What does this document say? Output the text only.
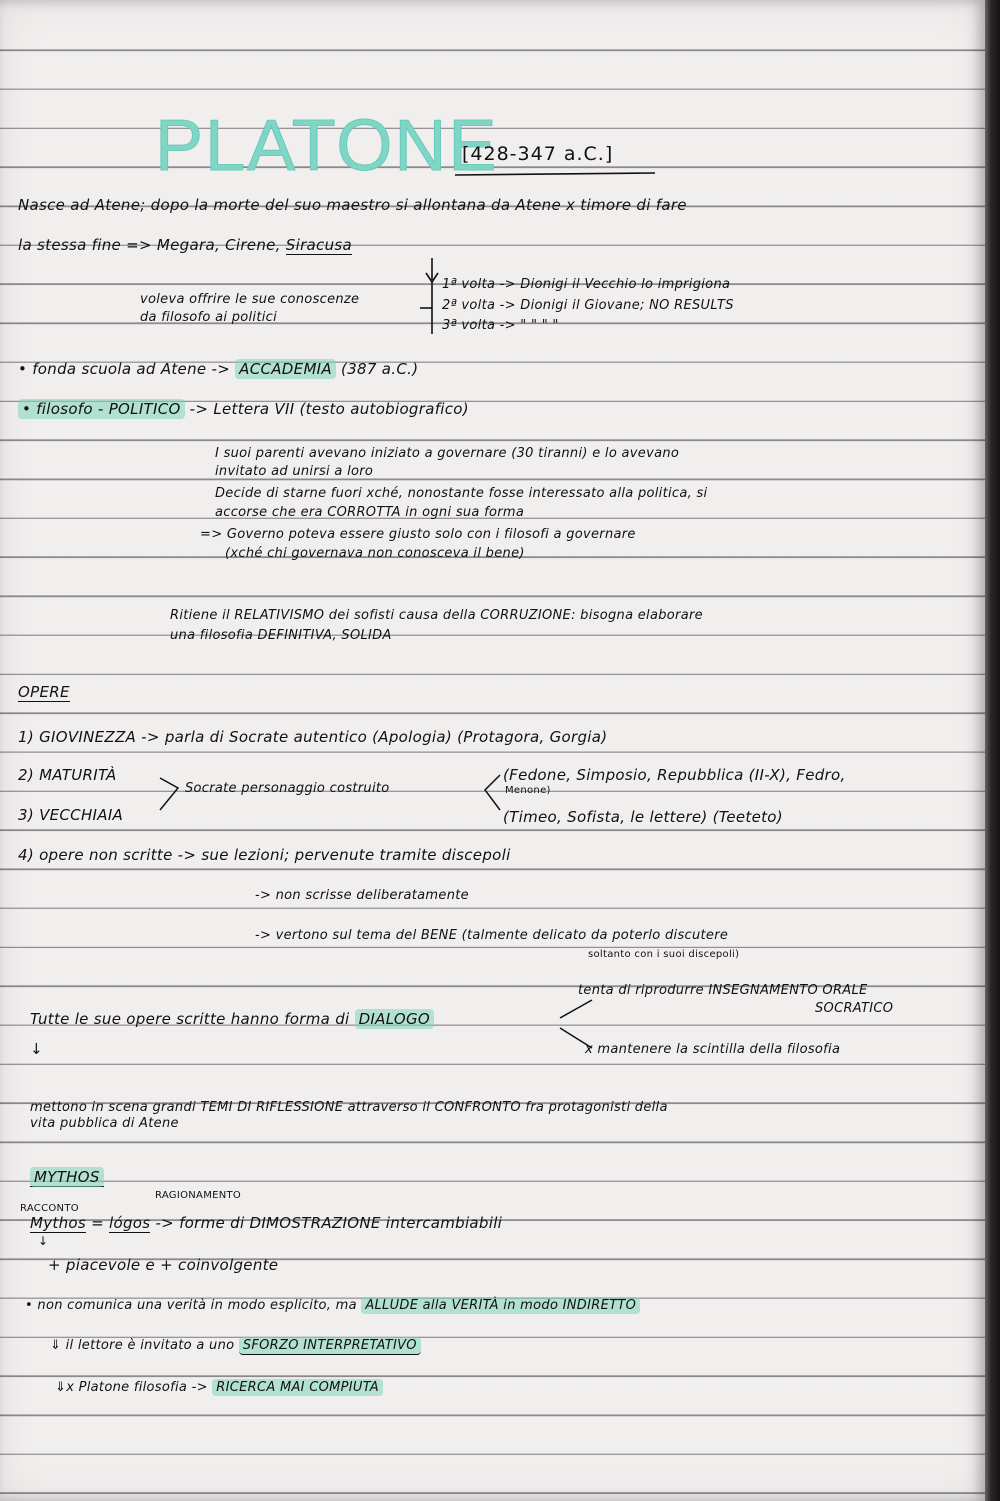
PLATONE
[428-347 a.C.]
Nasce ad Atene; dopo la morte del suo maestro si allontana da Atene x timore di fare
la stessa fine => Megara, Cirene, Siracusa
voleva offrire le sue conoscenze
da filosofo ai politici
1ª volta -> Dionigi il Vecchio lo imprigiona
2ª volta -> Dionigi il Giovane; NO RESULTS
3ª volta -> " " " "
• fonda scuola ad Atene -> ACCADEMIA (387 a.C.)
• filosofo - POLITICO -> Lettera VII (testo autobiografico)
I suoi parenti avevano iniziato a governare (30 tiranni) e lo avevano
invitato ad unirsi a loro
Decide di starne fuori xché, nonostante fosse interessato alla politica, si
accorse che era CORROTTA in ogni sua forma
=> Governo poteva essere giusto solo con i filosofi a governare
(xché chi governava non conosceva il bene)
Ritiene il RELATIVISMO dei sofisti causa della CORRUZIONE: bisogna elaborare
una filosofia DEFINITIVA, SOLIDA
OPERE
1) GIOVINEZZA -> parla di Socrate autentico (Apologia) (Protagora, Gorgia)
2) MATURITÀ
3) VECCHIAIA
Socrate personaggio costruito
(Fedone, Simposio, Repubblica (II-X), Fedro,
Menone)
(Timeo, Sofista, le lettere) (Teeteto)
4) opere non scritte -> sue lezioni; pervenute tramite discepoli
-> non scrisse deliberatamente
-> vertono sul tema del BENE (talmente delicato da poterlo discutere
soltanto con i suoi discepoli)
tenta di riprodurre INSEGNAMENTO ORALE
SOCRATICO
Tutte le sue opere scritte hanno forma di DIALOGO
x mantenere la scintilla della filosofia
↓
mettono in scena grandi TEMI DI RIFLESSIONE attraverso il CONFRONTO fra protagonisti della
vita pubblica di Atene
MYTHOS
RACCONTO
RAGIONAMENTO
Mythos = lógos -> forme di DIMOSTRAZIONE intercambiabili
↓
+ piacevole e + coinvolgente
• non comunica una verità in modo esplicito, ma ALLUDE alla VERITÀ in modo INDIRETTO
⇓ il lettore è invitato a uno SFORZO INTERPRETATIVO
⇓x Platone filosofia -> RICERCA MAI COMPIUTA
